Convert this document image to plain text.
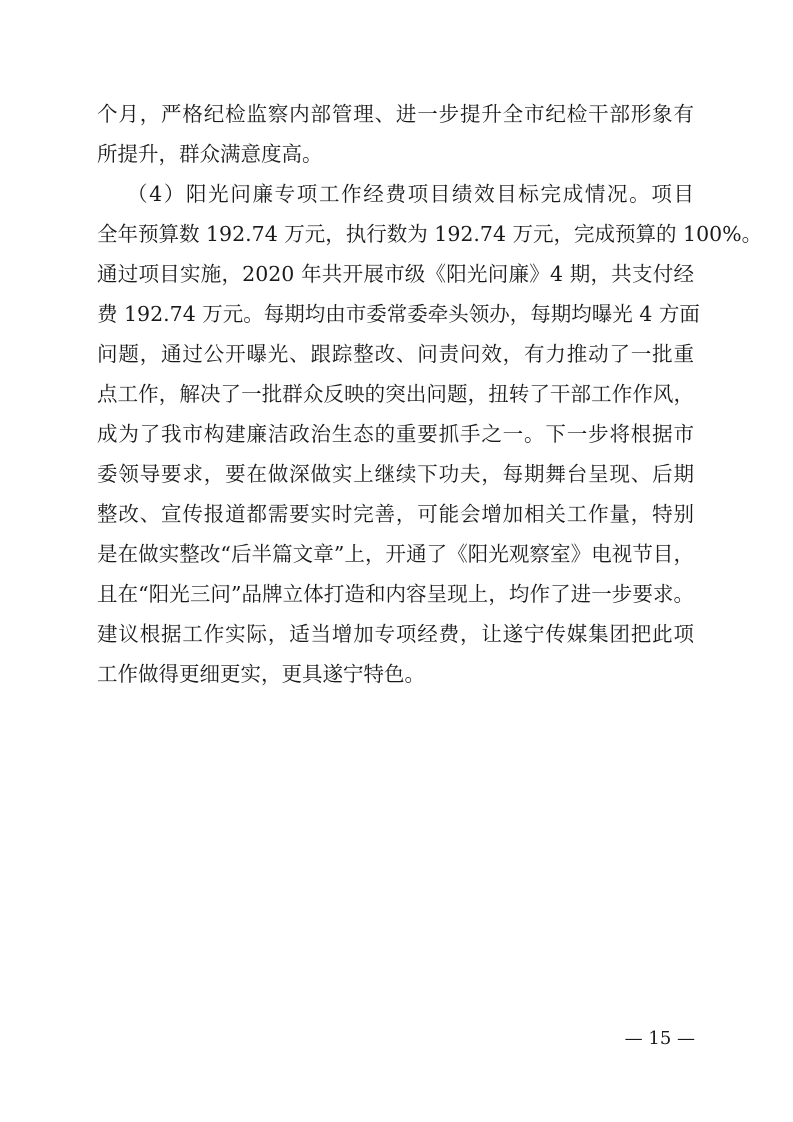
个月，严格纪检监察内部管理、进一步提升全市纪检干部形象有
所提升，群众满意度高。
（4）阳光问廉专项工作经费项目绩效目标完成情况。项目
全年预算数 192.74 万元，执行数为 192.74 万元，完成预算的 100%。
通过项目实施，2020 年共开展市级《阳光问廉》4 期，共支付经
费 192.74 万元。每期均由市委常委牵头领办，每期均曝光 4 方面
问题，通过公开曝光、跟踪整改、问责问效，有力推动了一批重
点工作，解决了一批群众反映的突出问题，扭转了干部工作作风，
成为了我市构建廉洁政治生态的重要抓手之一。下一步将根据市
委领导要求，要在做深做实上继续下功夫，每期舞台呈现、后期
整改、宣传报道都需要实时完善，可能会增加相关工作量，特别
是在做实整改“后半篇文章”上，开通了《阳光观察室》电视节目，
且在“阳光三问”品牌立体打造和内容呈现上，均作了进一步要求。
建议根据工作实际，适当增加专项经费，让遂宁传媒集团把此项
工作做得更细更实，更具遂宁特色。
— 15 —
